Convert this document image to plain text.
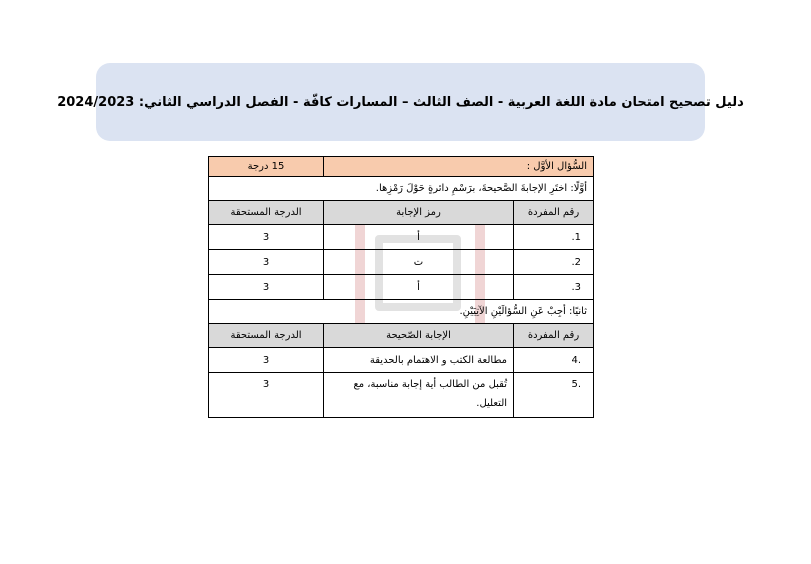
دليل تصحيح امتحان مادة اللغة العربية - الصف الثالث – المسارات كافّة - الفصل الدراسي الثاني: 2024/2023
السُّؤال الأوَّل :		15 درجة
أوَّلًا: اختَرِ الإجابةَ الصَّحيحةَ، برَسْمِ دائرةٍ حَوْلَ رَمْزِها.		
رقم المفردة	رمز الإجابة	الدرجة المستحقة
1.	أ	3
2.	ت	3
3.	أ	3
ثانيًا: أجِبْ عَنِ السُّؤالَيْنِ الآتِيَيْنِ.		
رقم المفردة	الإجابة الصّحيحة	الدرجة المستحقة
.4	مطالعة الكتب و الاهتمام بالحديقة	3
.5	تُقبل من الطالب أية إجابة مناسبة، مع التعليل.	3
